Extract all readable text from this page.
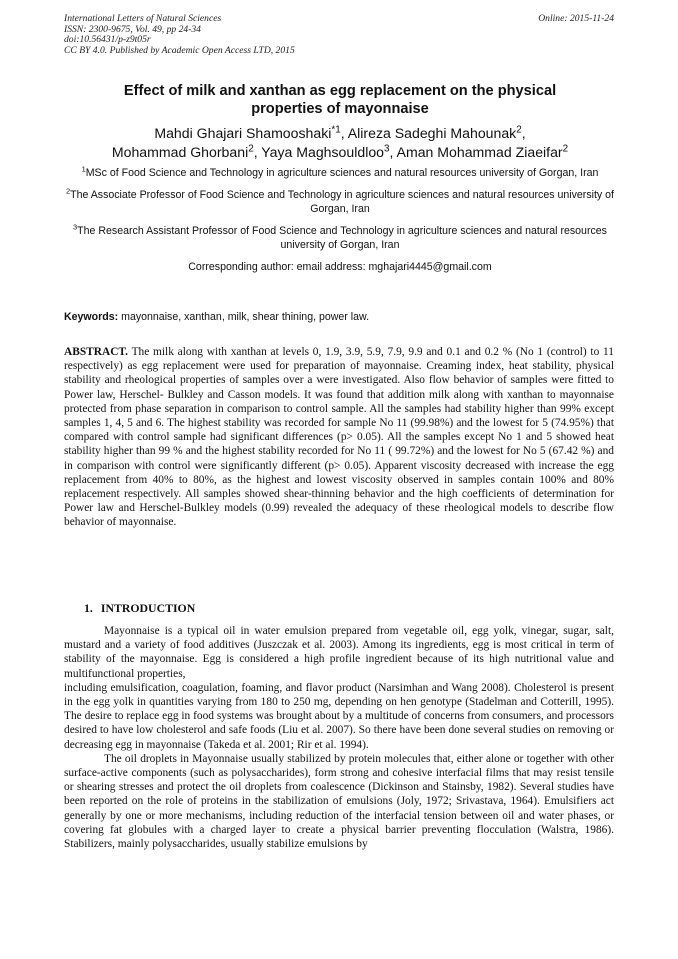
International Letters of Natural Sciences
ISSN: 2300-9675, Vol. 49, pp 24-34
doi:10.56431/p-z9t05r
CC BY 4.0. Published by Academic Open Access LTD, 2015
Online: 2015-11-24
Effect of milk and xanthan as egg replacement on the physical
properties of mayonnaise
Mahdi Ghajari Shamooshaki$^{*1}$, Alireza Sadeghi Mahounak$^2$,
Mohammad Ghorbani$^2$, Yaya Maghsouldloo$^3$, Aman Mohammad Ziaeifar$^2$

$^1$MSc of Food Science and Technology in agriculture sciences and natural resources university of Gorgan, Iran

$^2$The Associate Professor of Food Science and Technology in agriculture sciences and natural resources university of Gorgan, Iran

$^3$The Research Assistant Professor of Food Science and Technology in agriculture sciences and natural resources university of Gorgan, Iran

Corresponding author: email address: mghajari4445@gmail.com

Keywords: mayonnaise, xanthan, milk, shear thining, power law.

ABSTRACT. The milk along with xanthan at levels 0, 1.9, 3.9, 5.9, 7.9, 9.9 and 0.1 and 0.2 % (No 1 (control) to 11 respectively) as egg replacement were used for preparation of mayonnaise. Creaming index, heat stability, physical stability and rheological properties of samples over a were investigated. Also flow behavior of samples were fitted to Power law, Herschel- Bulkley and Casson models. It was found that addition milk along with xanthan to mayonnaise protected from phase separation in comparison to control sample. All the samples had stability higher than 99% except samples 1, 4, 5 and 6. The highest stability was recorded for sample No 11 (99.98%) and the lowest for 5 (74.95%) that compared with control sample had significant differences (p> 0.05). All the samples except No 1 and 5 showed heat stability higher than 99 % and the highest stability recorded for No 11 ( 99.72%) and the lowest for No 5 (67.42 %) and in comparison with control were significantly different (p> 0.05). Apparent viscosity decreased with increase the egg replacement from 40% to 80%, as the highest and lowest viscosity observed in samples contain 100% and 80% replacement respectively. All samples showed shear-thinning behavior and the high coefficients of determination for Power law and Herschel-Bulkley models (0.99) revealed the adequacy of these rheological models to describe flow behavior of mayonnaise.

1. INTRODUCTION

Mayonnaise is a typical oil in water emulsion prepared from vegetable oil, egg yolk, vinegar, sugar, salt, mustard and a variety of food additives (Juszczak et al. 2003). Among its ingredients, egg is most critical in term of stability of the mayonnaise. Egg is considered a high profile ingredient because of its high nutritional value and multifunctional properties,

including emulsification, coagulation, foaming, and flavor product (Narsimhan and Wang 2008). Cholesterol is present in the egg yolk in quantities varying from 180 to 250 mg, depending on hen genotype (Stadelman and Cotterill, 1995). The desire to replace egg in food systems was brought about by a multitude of concerns from consumers, and processors desired to have low cholesterol and safe foods (Liu et al. 2007). So there have been done several studies on removing or decreasing egg in mayonnaise (Takeda et al. 2001; Rir et al. 1994).

The oil droplets in Mayonnaise usually stabilized by protein molecules that, either alone or together with other surface-active components (such as polysaccharides), form strong and cohesive interfacial films that may resist tensile or shearing stresses and protect the oil droplets from coalescence (Dickinson and Stainsby, 1982). Several studies have been reported on the role of proteins in the stabilization of emulsions (Joly, 1972; Srivastava, 1964). Emulsifiers act generally by one or more mechanisms, including reduction of the interfacial tension between oil and water phases, or covering fat globules with a charged layer to create a physical barrier preventing flocculation (Walstra, 1986). Stabilizers, mainly polysaccharides, usually stabilize emulsions by
